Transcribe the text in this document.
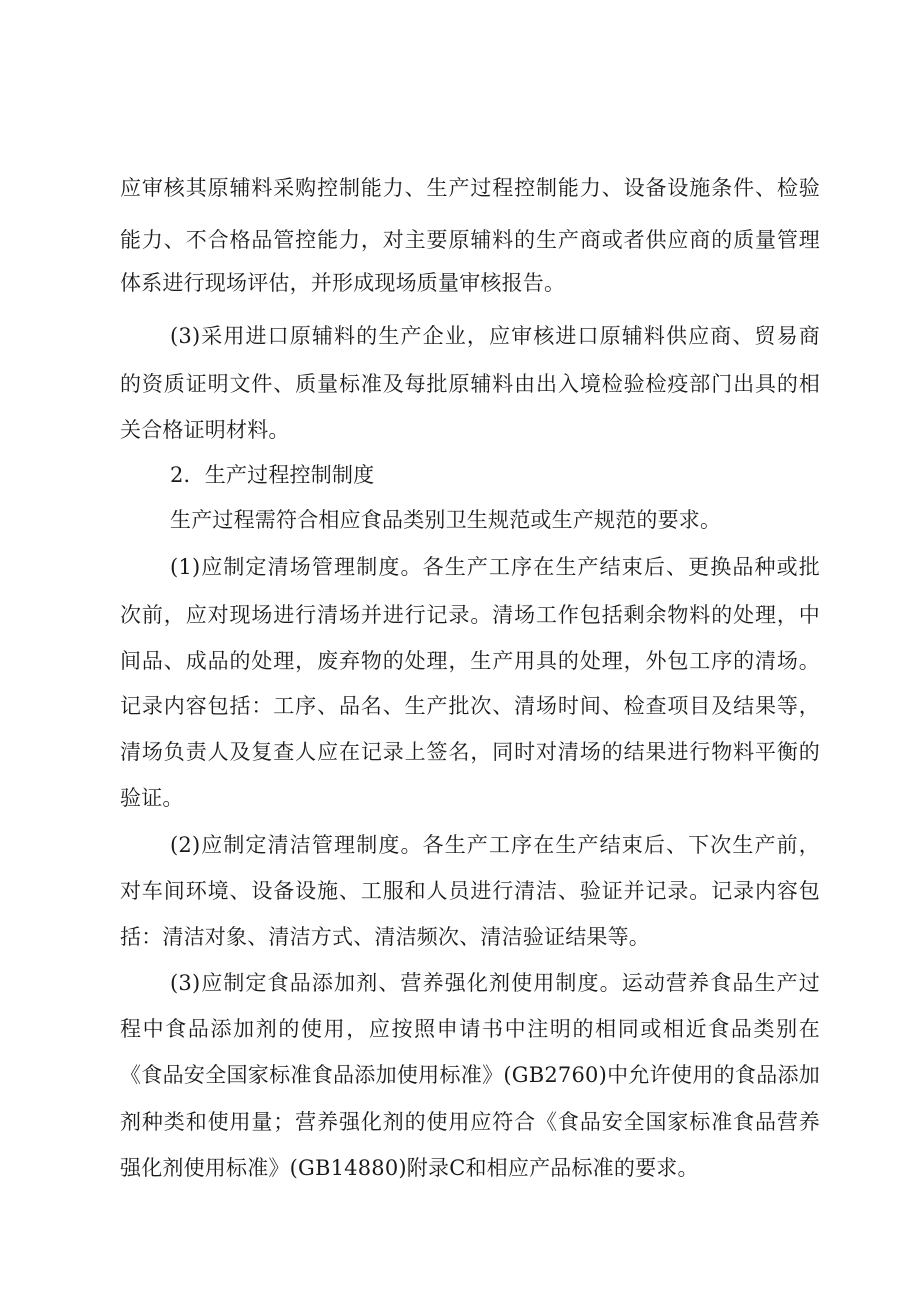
应审核其原辅料采购控制能力、生产过程控制能力、设备设施条件、检验
能力、不合格品管控能力，对主要原辅料的生产商或者供应商的质量管理
体系进行现场评估，并形成现场质量审核报告。
(3)采用进口原辅料的生产企业，应审核进口原辅料供应商、贸易商
的资质证明文件、质量标准及每批原辅料由出入境检验检疫部门出具的相
关合格证明材料。
2．生产过程控制制度
生产过程需符合相应食品类别卫生规范或生产规范的要求。
(1)应制定清场管理制度。各生产工序在生产结束后、更换品种或批
次前，应对现场进行清场并进行记录。清场工作包括剩余物料的处理，中
间品、成品的处理，废弃物的处理，生产用具的处理，外包工序的清场。
记录内容包括：工序、品名、生产批次、清场时间、检查项目及结果等，
清场负责人及复查人应在记录上签名，同时对清场的结果进行物料平衡的
验证。
(2)应制定清洁管理制度。各生产工序在生产结束后、下次生产前，
对车间环境、设备设施、工服和人员进行清洁、验证并记录。记录内容包
括：清洁对象、清洁方式、清洁频次、清洁验证结果等。
(3)应制定食品添加剂、营养强化剂使用制度。运动营养食品生产过
程中食品添加剂的使用，应按照申请书中注明的相同或相近食品类别在
《食品安全国家标准食品添加使用标准》(GB2760)中允许使用的食品添加
剂种类和使用量；营养强化剂的使用应符合《食品安全国家标准食品营养
强化剂使用标准》(GB14880)附录C和相应产品标准的要求。
